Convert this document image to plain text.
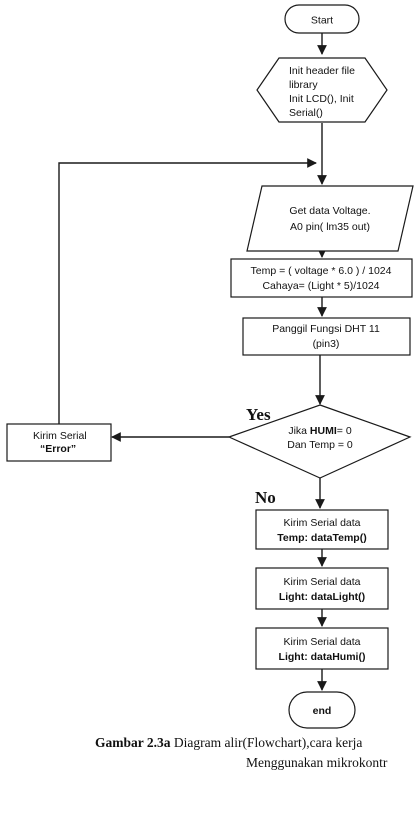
Start
Init header file
library
Init LCD(), Init
Serial()
Get data Voltage.
A0 pin( lm35 out)
Temp = ( voltage * 6.0 ) / 1024
Cahaya= (Light * 5)/1024
Panggil Fungsi DHT 11
(pin3)
Jika HUMI= 0
Dan Temp = 0
Kirim Serial
“Error”
Yes
No
Kirim Serial data
Temp: dataTemp()
Kirim Serial data
Light: dataLight()
Kirim Serial data
Light: dataHumi()
end
Gambar 2.3a Diagram alir(Flowchart),cara kerja
Menggunakan mikrokontr
